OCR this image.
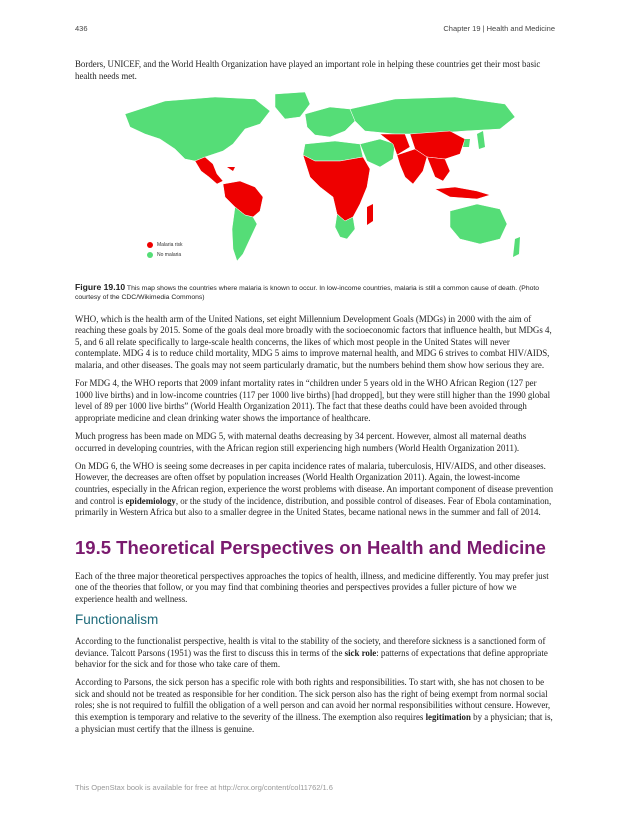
436	Chapter 19 | Health and Medicine

Borders, UNICEF, and the World Health Organization have played an important role in helping these countries get their most basic health needs met.

Malaria risk
No malaria
Figure 19.10 This map shows the countries where malaria is known to occur. In low-income countries, malaria is still a common cause of death. (Photo courtesy of the CDC/Wikimedia Commons)

WHO, which is the health arm of the United Nations, set eight Millennium Development Goals (MDGs) in 2000 with the aim of reaching these goals by 2015. Some of the goals deal more broadly with the socioeconomic factors that influence health, but MDGs 4, 5, and 6 all relate specifically to large-scale health concerns, the likes of which most people in the United States will never contemplate. MDG 4 is to reduce child mortality, MDG 5 aims to improve maternal health, and MDG 6 strives to combat HIV/AIDS, malaria, and other diseases. The goals may not seem particularly dramatic, but the numbers behind them show how serious they are.

For MDG 4, the WHO reports that 2009 infant mortality rates in “children under 5 years old in the WHO African Region (127 per 1000 live births) and in low-income countries (117 per 1000 live births) [had dropped], but they were still higher than the 1990 global level of 89 per 1000 live births” (World Health Organization 2011). The fact that these deaths could have been avoided through appropriate medicine and clean drinking water shows the importance of healthcare.

Much progress has been made on MDG 5, with maternal deaths decreasing by 34 percent. However, almost all maternal deaths occurred in developing countries, with the African region still experiencing high numbers (World Health Organization 2011).

On MDG 6, the WHO is seeing some decreases in per capita incidence rates of malaria, tuberculosis, HIV/AIDS, and other diseases. However, the decreases are often offset by population increases (World Health Organization 2011). Again, the lowest-income countries, especially in the African region, experience the worst problems with disease. An important component of disease prevention and control is epidemiology, or the study of the incidence, distribution, and possible control of diseases. Fear of Ebola contamination, primarily in Western Africa but also to a smaller degree in the United States, became national news in the summer and fall of 2014.

19.5 Theoretical Perspectives on Health and Medicine

Each of the three major theoretical perspectives approaches the topics of health, illness, and medicine differently. You may prefer just one of the theories that follow, or you may find that combining theories and perspectives provides a fuller picture of how we experience health and wellness.

Functionalism

According to the functionalist perspective, health is vital to the stability of the society, and therefore sickness is a sanctioned form of deviance. Talcott Parsons (1951) was the first to discuss this in terms of the sick role: patterns of expectations that define appropriate behavior for the sick and for those who take care of them.

According to Parsons, the sick person has a specific role with both rights and responsibilities. To start with, she has not chosen to be sick and should not be treated as responsible for her condition. The sick person also has the right of being exempt from normal social roles; she is not required to fulfill the obligation of a well person and can avoid her normal responsibilities without censure. However, this exemption is temporary and relative to the severity of the illness. The exemption also requires legitimation by a physician; that is, a physician must certify that the illness is genuine.

This OpenStax book is available for free at http://cnx.org/content/col11762/1.6
